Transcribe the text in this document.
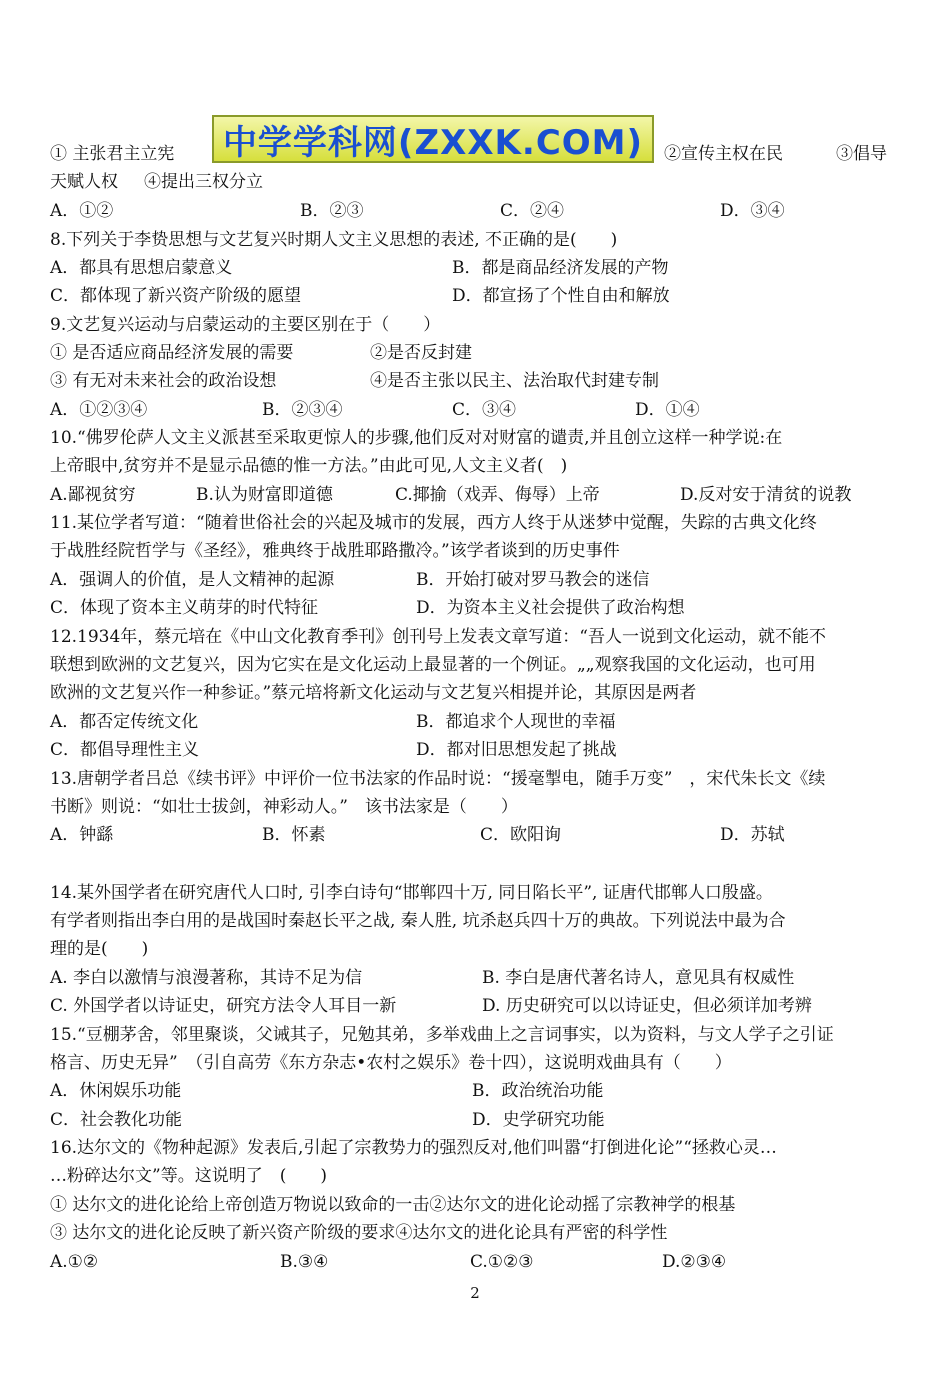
中学学科网(ZXXK.COM)
① 主张君主立宪	②宣传主权在民	③倡导
天赋人权 ④提出三权分立
A．①②	B．②③	C．②④	D．③④
8.下列关于李贽思想与文艺复兴时期人文主义思想的表述, 不正确的是(　　)
A．都具有思想启蒙意义	B．都是商品经济发展的产物
C．都体现了新兴资产阶级的愿望	D．都宣扬了个性自由和解放
9.文艺复兴运动与启蒙运动的主要区别在于（　　）
① 是否适应商品经济发展的需要	②是否反封建
③ 有无对未来社会的政治设想	④是否主张以民主、法治取代封建专制
A．①②③④	B．②③④	C．③④	D．①④
10.“佛罗伦萨人文主义派甚至采取更惊人的步骤,他们反对对财富的谴责,并且创立这样一种学说:在
上帝眼中,贫穷并不是显示品德的惟一方法。”由此可见,人文主义者(　)
A.鄙视贫穷	B.认为财富即道德	C.揶揄（戏弄、侮辱）上帝	D.反对安于清贫的说教
11.某位学者写道：“随着世俗社会的兴起及城市的发展，西方人终于从迷梦中觉醒，失踪的古典文化终
于战胜经院哲学与《圣经》，雅典终于战胜耶路撒冷。”该学者谈到的历史事件
A．强调人的价值，是人文精神的起源	B．开始打破对罗马教会的迷信
C．体现了资本主义萌芽的时代特征	D．为资本主义社会提供了政治构想
12.1934年，蔡元培在《中山文化教育季刊》创刊号上发表文章写道：“吾人一说到文化运动，就不能不
联想到欧洲的文艺复兴，因为它实在是文化运动上最显著的一个例证。„„观察我国的文化运动，也可用
欧洲的文艺复兴作一种参证。”蔡元培将新文化运动与文艺复兴相提并论，其原因是两者
A．都否定传统文化	B．都追求个人现世的幸福
C．都倡导理性主义	D．都对旧思想发起了挑战
13.唐朝学者吕总《续书评》中评价一位书法家的作品时说：“援毫掣电，随手万变”　，宋代朱长文《续
书断》则说：“如壮士拔剑，神彩动人。”　该书法家是（　　）
A．钟繇	B．怀素	C．欧阳询	D．苏轼
14.某外国学者在研究唐代人口时, 引李白诗句“邯郸四十万, 同日陷长平”, 证唐代邯郸人口殷盛。
有学者则指出李白用的是战国时秦赵长平之战, 秦人胜, 坑杀赵兵四十万的典故。下列说法中最为合
理的是(　　)
A. 李白以激情与浪漫著称，其诗不足为信	B. 李白是唐代著名诗人，意见具有权威性
C. 外国学者以诗证史，研究方法令人耳目一新	D. 历史研究可以以诗证史，但必须详加考辨
15.“豆棚茅舍，邻里聚谈，父诫其子，兄勉其弟，多举戏曲上之言词事实，以为资料，与文人学子之引证
格言、历史无异”　（引自高劳《东方杂志•农村之娱乐》卷十四），这说明戏曲具有（　　）
A．休闲娱乐功能	B．政治统治功能
C．社会教化功能	D．史学研究功能
16.达尔文的《物种起源》发表后,引起了宗教势力的强烈反对,他们叫嚣“打倒进化论”“拯救心灵…
…粉碎达尔文”等。这说明了　(　　)
① 达尔文的进化论给上帝创造万物说以致命的一击②达尔文的进化论动摇了宗教神学的根基
③ 达尔文的进化论反映了新兴资产阶级的要求④达尔文的进化论具有严密的科学性
A.①②	B.③④	C.①②③	D.②③④
2
